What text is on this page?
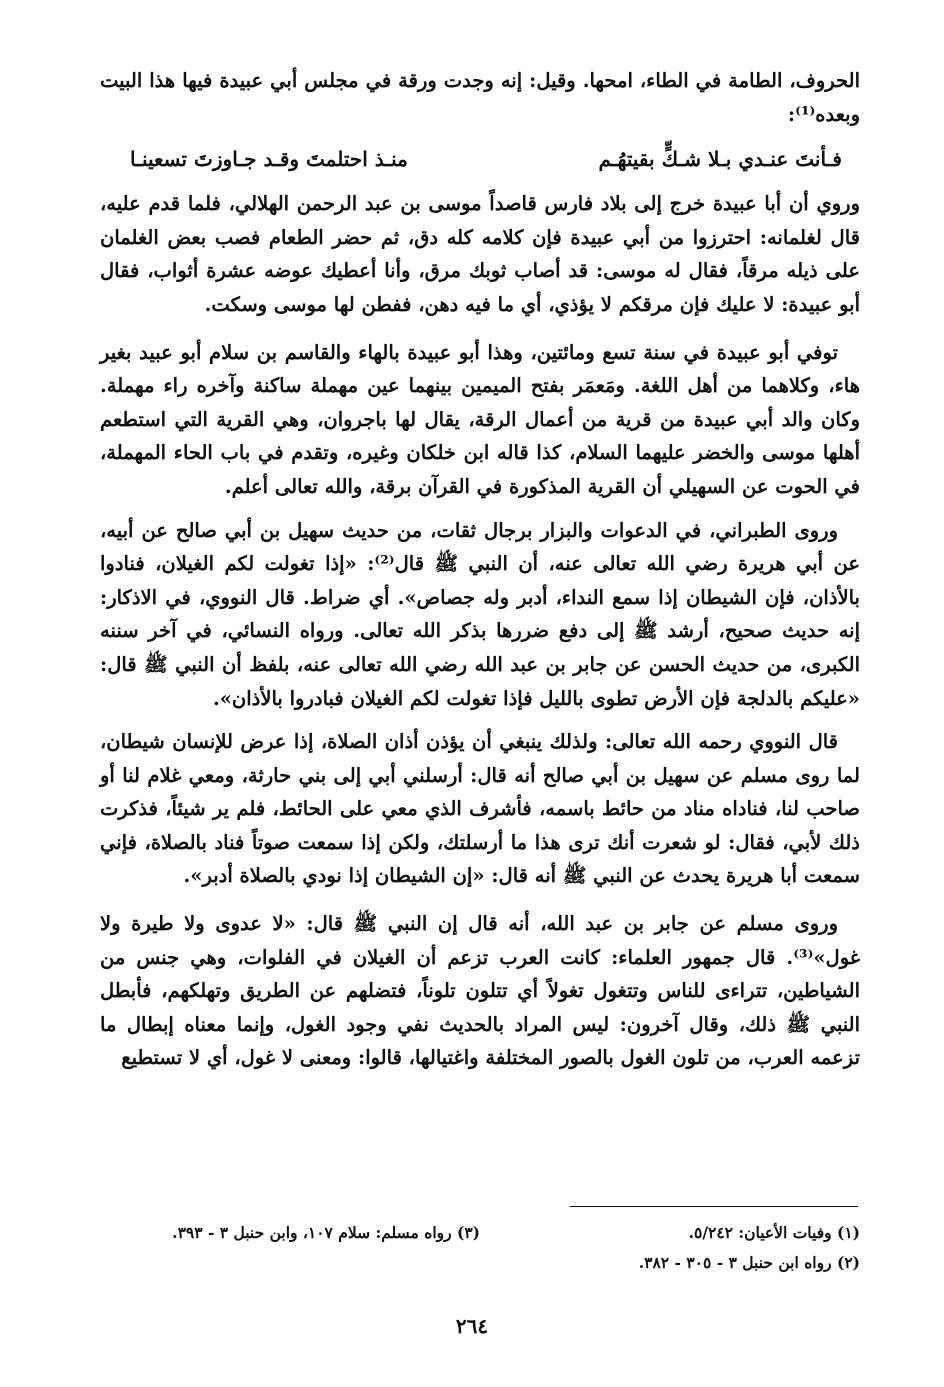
الحروف، الطامة في الطاء، امحها. وقيل: إنه وجدت ورقة في مجلس أبي عبيدة فيها هذا البيت وبعده⁽¹⁾:

فـأنتَ عنـدي بـلا شـكٍّ بقيتهُـم
منـذ احتلمتَ وقـد جـاوزتَ تسعينـا

وروي أن أبا عبيدة خرج إلى بلاد فارس قاصداً موسى بن عبد الرحمن الهلالي، فلما قدم عليه، قال لغلمانه: احترزوا من أبي عبيدة فإن كلامه كله دق، ثم حضر الطعام فصب بعض الغلمان على ذيله مرقاً، فقال له موسى: قد أصاب ثوبك مرق، وأنا أعطيك عوضه عشرة أثواب، فقال أبو عبيدة: لا عليك فإن مرقكم لا يؤذي، أي ما فيه دهن، ففطن لها موسى وسكت.

توفي أبو عبيدة في سنة تسع ومائتين، وهذا أبو عبيدة بالهاء والقاسم بن سلام أبو عبيد بغير هاء، وكلاهما من أهل اللغة. ومَعمَر بفتح الميمين بينهما عين مهملة ساكنة وآخره راء مهملة. وكان والد أبي عبيدة من قرية من أعمال الرقة، يقال لها باجروان، وهي القرية التي استطعم أهلها موسى والخضر عليهما السلام، كذا قاله ابن خلكان وغيره، وتقدم في باب الحاء المهملة، في الحوت عن السهيلي أن القرية المذكورة في القرآن برقة، والله تعالى أعلم.

وروى الطبراني، في الدعوات والبزار برجال ثقات، من حديث سهيل بن أبي صالح عن أبيه، عن أبي هريرة رضي الله تعالى عنه، أن النبي ﷺ قال⁽²⁾: «إذا تغولت لكم الغيلان، فنادوا بالأذان، فإن الشيطان إذا سمع النداء، أدبر وله جصاص». أي ضراط. قال النووي، في الاذكار: إنه حديث صحيح، أرشد ﷺ إلى دفع ضررها بذكر الله تعالى. ورواه النسائي، في آخر سننه الكبرى، من حديث الحسن عن جابر بن عبد الله رضي الله تعالى عنه، بلفظ أن النبي ﷺ قال: «عليكم بالدلجة فإن الأرض تطوى بالليل فإذا تغولت لكم الغيلان فبادروا بالأذان».

قال النووي رحمه الله تعالى: ولذلك ينبغي أن يؤذن أذان الصلاة، إذا عرض للإنسان شيطان، لما روى مسلم عن سهيل بن أبي صالح أنه قال: أرسلني أبي إلى بني حارثة، ومعي غلام لنا أو صاحب لنا، فناداه مناد من حائط باسمه، فأشرف الذي معي على الحائط، فلم ير شيئاً، فذكرت ذلك لأبي، فقال: لو شعرت أنك ترى هذا ما أرسلتك، ولكن إذا سمعت صوتاً فناد بالصلاة، فإني سمعت أبا هريرة يحدث عن النبي ﷺ أنه قال: «إن الشيطان إذا نودي بالصلاة أدبر».

وروى مسلم عن جابر بن عبد الله، أنه قال إن النبي ﷺ قال: «لا عدوى ولا طيرة ولا غول»⁽³⁾. قال جمهور العلماء: كانت العرب تزعم أن الغيلان في الفلوات، وهي جنس من الشياطين، تتراءى للناس وتتغول تغولاً أي تتلون تلوناً، فتضلهم عن الطريق وتهلكهم، فأبطل النبي ﷺ ذلك، وقال آخرون: ليس المراد بالحديث نفي وجود الغول، وإنما معناه إبطال ما تزعمه العرب، من تلون الغول بالصور المختلفة واغتيالها، قالوا: ومعنى لا غول، أي لا تستطيع

(١) وفيات الأعيان: ٥/٢٤٢.
(٣) رواه مسلم: سلام ١٠٧، وابن حنبل ٣ - ٣٩٣.
(٢) رواه ابن حنبل ٣ - ٣٠٥ - ٣٨٢.
٢٦٤
